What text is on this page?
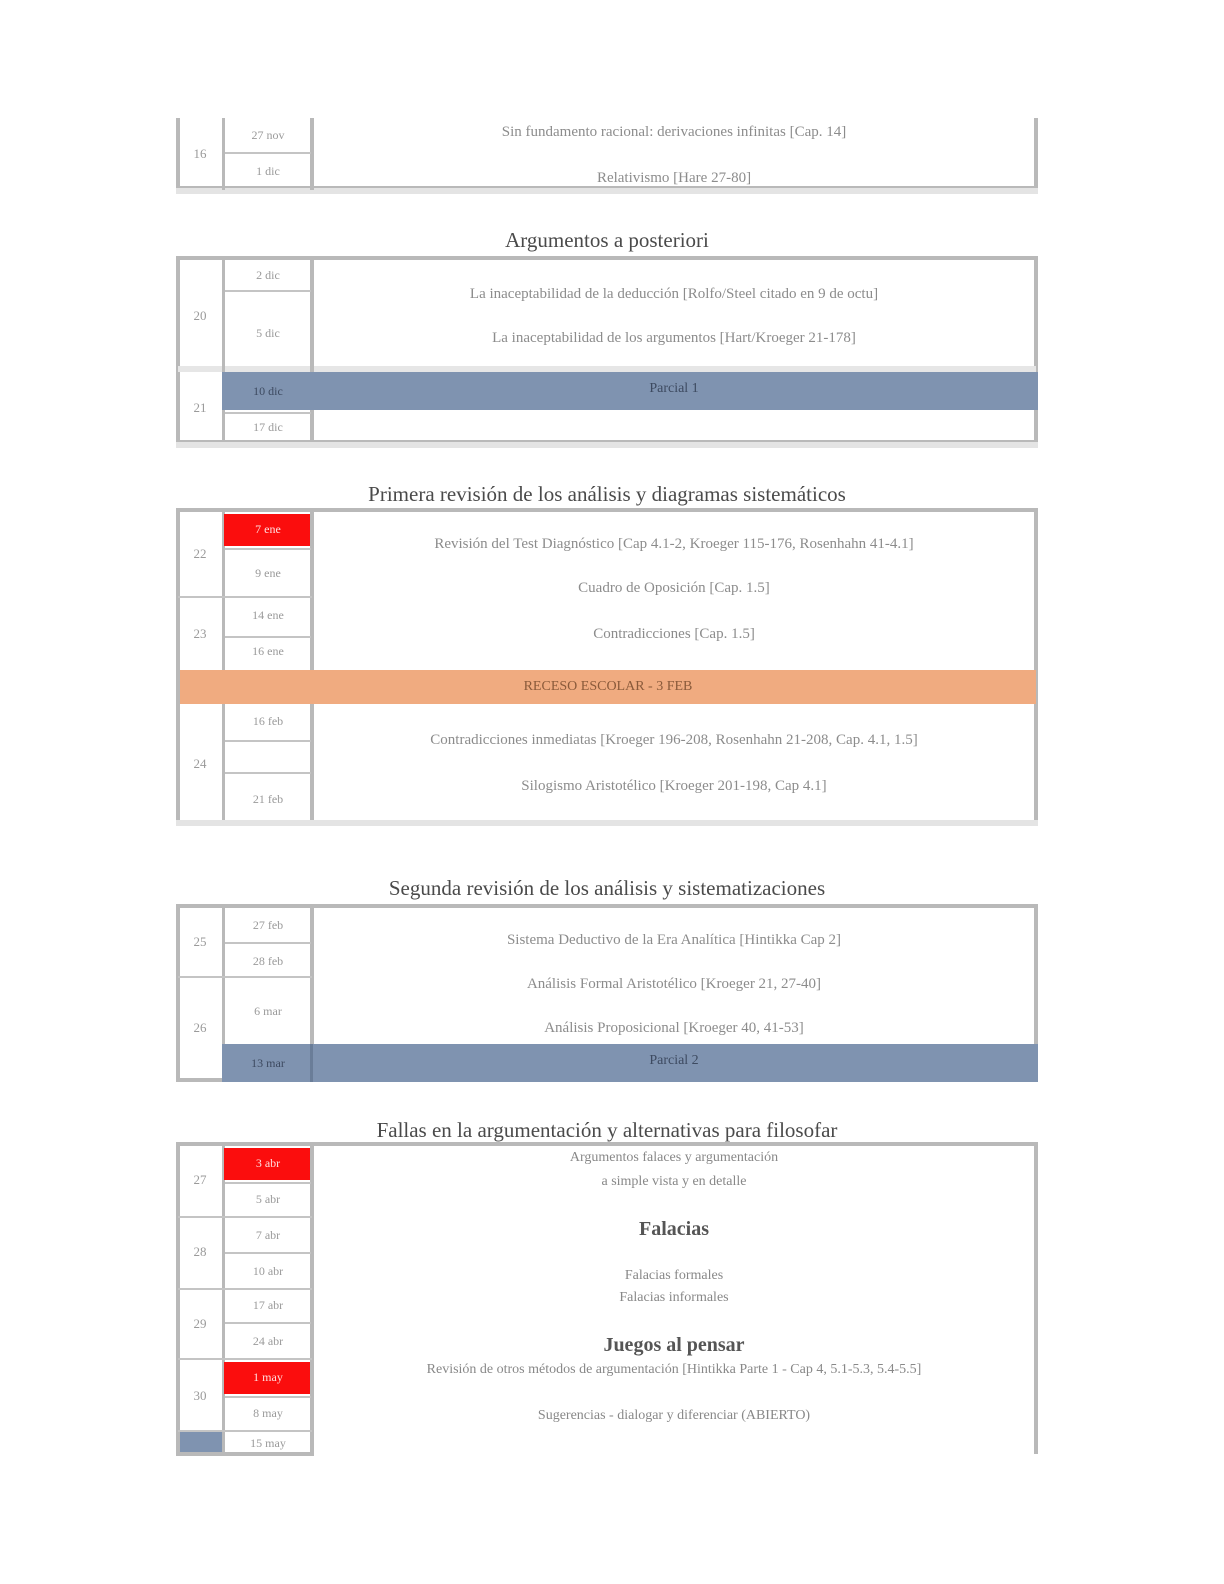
16
27 nov
1 dic
Sin fundamento racional: derivaciones infinitas [Cap. 14]
Relativismo [Hare 27-80]
Argumentos a posteriori
20
2 dic
5 dic
La inaceptabilidad de la deducción [Rolfo/Steel citado en 9 de octu]
La inaceptabilidad de los argumentos [Hart/Kroeger 21-178]
21
10 dic
17 dic
Parcial 1
Primera revisión de los análisis y diagramas sistemáticos
22
7 ene
9 ene
23
14 ene
16 ene
24
16 feb
21 feb
Revisión del Test Diagnóstico [Cap 4.1-2, Kroeger 115-176, Rosenhahn 41-4.1]
Cuadro de Oposición [Cap. 1.5]
Contradicciones [Cap. 1.5]
RECESO ESCOLAR - 3 FEB
Contradicciones inmediatas [Kroeger 196-208, Rosenhahn 21-208, Cap. 4.1, 1.5]
Silogismo Aristotélico [Kroeger 201-198, Cap 4.1]
Segunda revisión de los análisis y sistematizaciones
25
27 feb
28 feb
26
6 mar
13 mar
Sistema Deductivo de la Era Analítica [Hintikka Cap 2]
Análisis Formal Aristotélico [Kroeger 21, 27-40]
Análisis Proposicional [Kroeger 40, 41-53]
Parcial 2
Fallas en la argumentación y alternativas para filosofar
27
3 abr
5 abr
28
7 abr
10 abr
29
17 abr
24 abr
30
1 may
8 may
15 may
Argumentos falaces y argumentación
a simple vista y en detalle
Falacias
Falacias formales
Falacias informales
Juegos al pensar
Revisión de otros métodos de argumentación [Hintikka Parte 1 - Cap 4, 5.1-5.3, 5.4-5.5]
Sugerencias - dialogar y diferenciar (ABIERTO)
